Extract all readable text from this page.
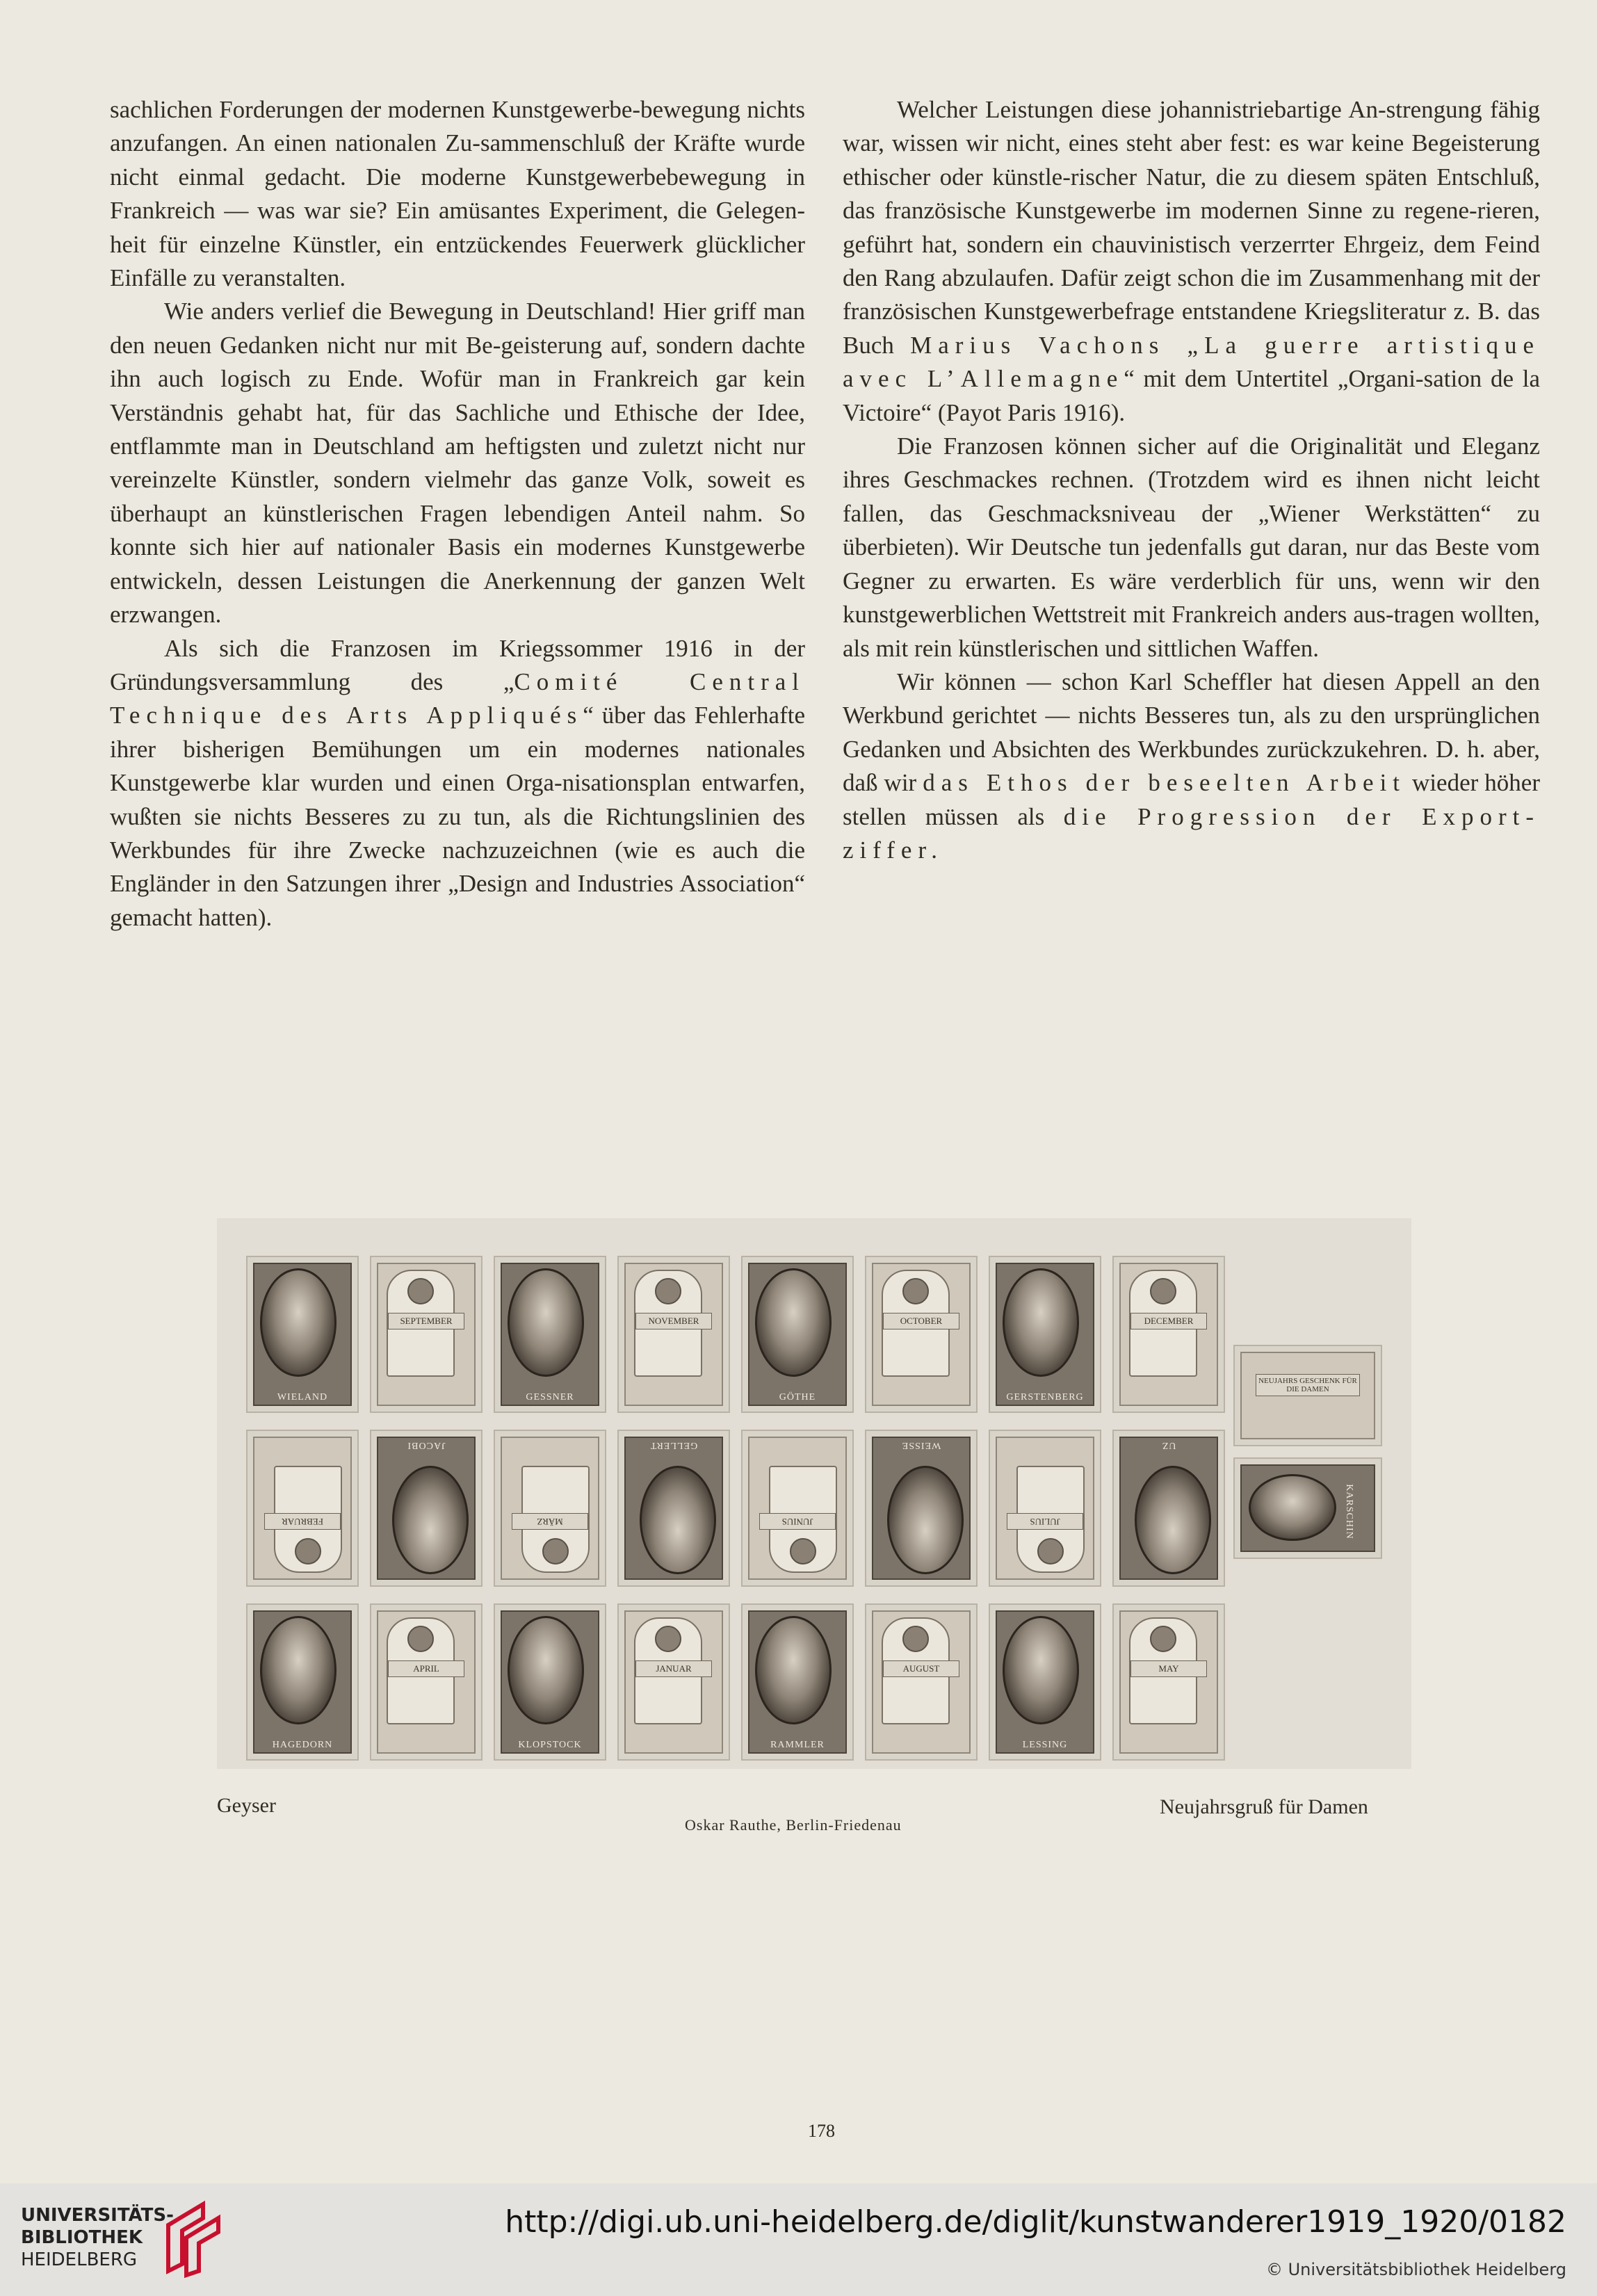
sachlichen Forderungen der modernen Kunstgewerbe-bewegung nichts anzufangen. An einen nationalen Zu-sammenschluß der Kräfte wurde nicht einmal gedacht. Die moderne Kunstgewerbebewegung in Frankreich — was war sie? Ein amüsantes Experiment, die Gelegen-heit für einzelne Künstler, ein entzückendes Feuerwerk glücklicher Einfälle zu veranstalten.

Wie anders verlief die Bewegung in Deutschland! Hier griff man den neuen Gedanken nicht nur mit Be-geisterung auf, sondern dachte ihn auch logisch zu Ende. Wofür man in Frankreich gar kein Verständnis gehabt hat, für das Sachliche und Ethische der Idee, entflammte man in Deutschland am heftigsten und zuletzt nicht nur vereinzelte Künstler, sondern vielmehr das ganze Volk, soweit es überhaupt an künstlerischen Fragen lebendigen Anteil nahm. So konnte sich hier auf nationaler Basis ein modernes Kunstgewerbe entwickeln, dessen Leistungen die Anerkennung der ganzen Welt erzwangen.

Als sich die Franzosen im Kriegssommer 1916 in der Gründungsversammlung des „Comité Central Technique des Arts Appliqués“ über das Fehlerhafte ihrer bisherigen Bemühungen um ein modernes nationales Kunstgewerbe klar wurden und einen Orga-nisationsplan entwarfen, wußten sie nichts Besseres zu zu tun, als die Richtungslinien des Werkbundes für ihre Zwecke nachzuzeichnen (wie es auch die Engländer in den Satzungen ihrer „Design and Industries Association“ gemacht hatten).

Welcher Leistungen diese johannistriebartige An-strengung fähig war, wissen wir nicht, eines steht aber fest: es war keine Begeisterung ethischer oder künstle-rischer Natur, die zu diesem späten Entschluß, das französische Kunstgewerbe im modernen Sinne zu regene-rieren, geführt hat, sondern ein chauvinistisch verzerrter Ehrgeiz, dem Feind den Rang abzulaufen. Dafür zeigt schon die im Zusammenhang mit der französischen Kunstgewerbefrage entstandene Kriegsliteratur z. B. das Buch Marius Vachons „La guerre artistique avec L’Allemagne“ mit dem Untertitel „Organi-sation de la Victoire“ (Payot Paris 1916).

Die Franzosen können sicher auf die Originalität und Eleganz ihres Geschmackes rechnen. (Trotzdem wird es ihnen nicht leicht fallen, das Geschmacksniveau der „Wiener Werkstätten“ zu überbieten). Wir Deutsche tun jedenfalls gut daran, nur das Beste vom Gegner zu erwarten. Es wäre verderblich für uns, wenn wir den kunstgewerblichen Wettstreit mit Frankreich anders aus-tragen wollten, als mit rein künstlerischen und sittlichen Waffen.

Wir können — schon Karl Scheffler hat diesen Appell an den Werkbund gerichtet — nichts Besseres tun, als zu den ursprünglichen Gedanken und Absichten des Werkbundes zurückzukehren. D. h. aber, daß wir das Ethos der beseelten Arbeit wieder höher stellen müssen als die Progression der Export-ziffer.

WIELAND
SEPTEMBER
GESSNER
NOVEMBER
GÖTHE
OCTOBER
GERSTENBERG
DECEMBER
FEBRUAR
JACOBI
MÄRZ
GELLERT
JUNIUS
WEISSE
JULIUS
UZ
HAGEDORN
APRIL
KLOPSTOCK
JANUAR
RAMMLER
AUGUST
LESSING
MAY
NEUJAHRS GESCHENK FÜR DIE DAMEN
KARSCHIN
Geyser	Neujahrsgruß für Damen
Oskar Rauthe, Berlin-Friedenau
178
UNIVERSITÄTS-
BIBLIOTHEK
HEIDELBERG
http://digi.ub.uni-heidelberg.de/diglit/kunstwanderer1919_1920/0182
© Universitätsbibliothek Heidelberg
